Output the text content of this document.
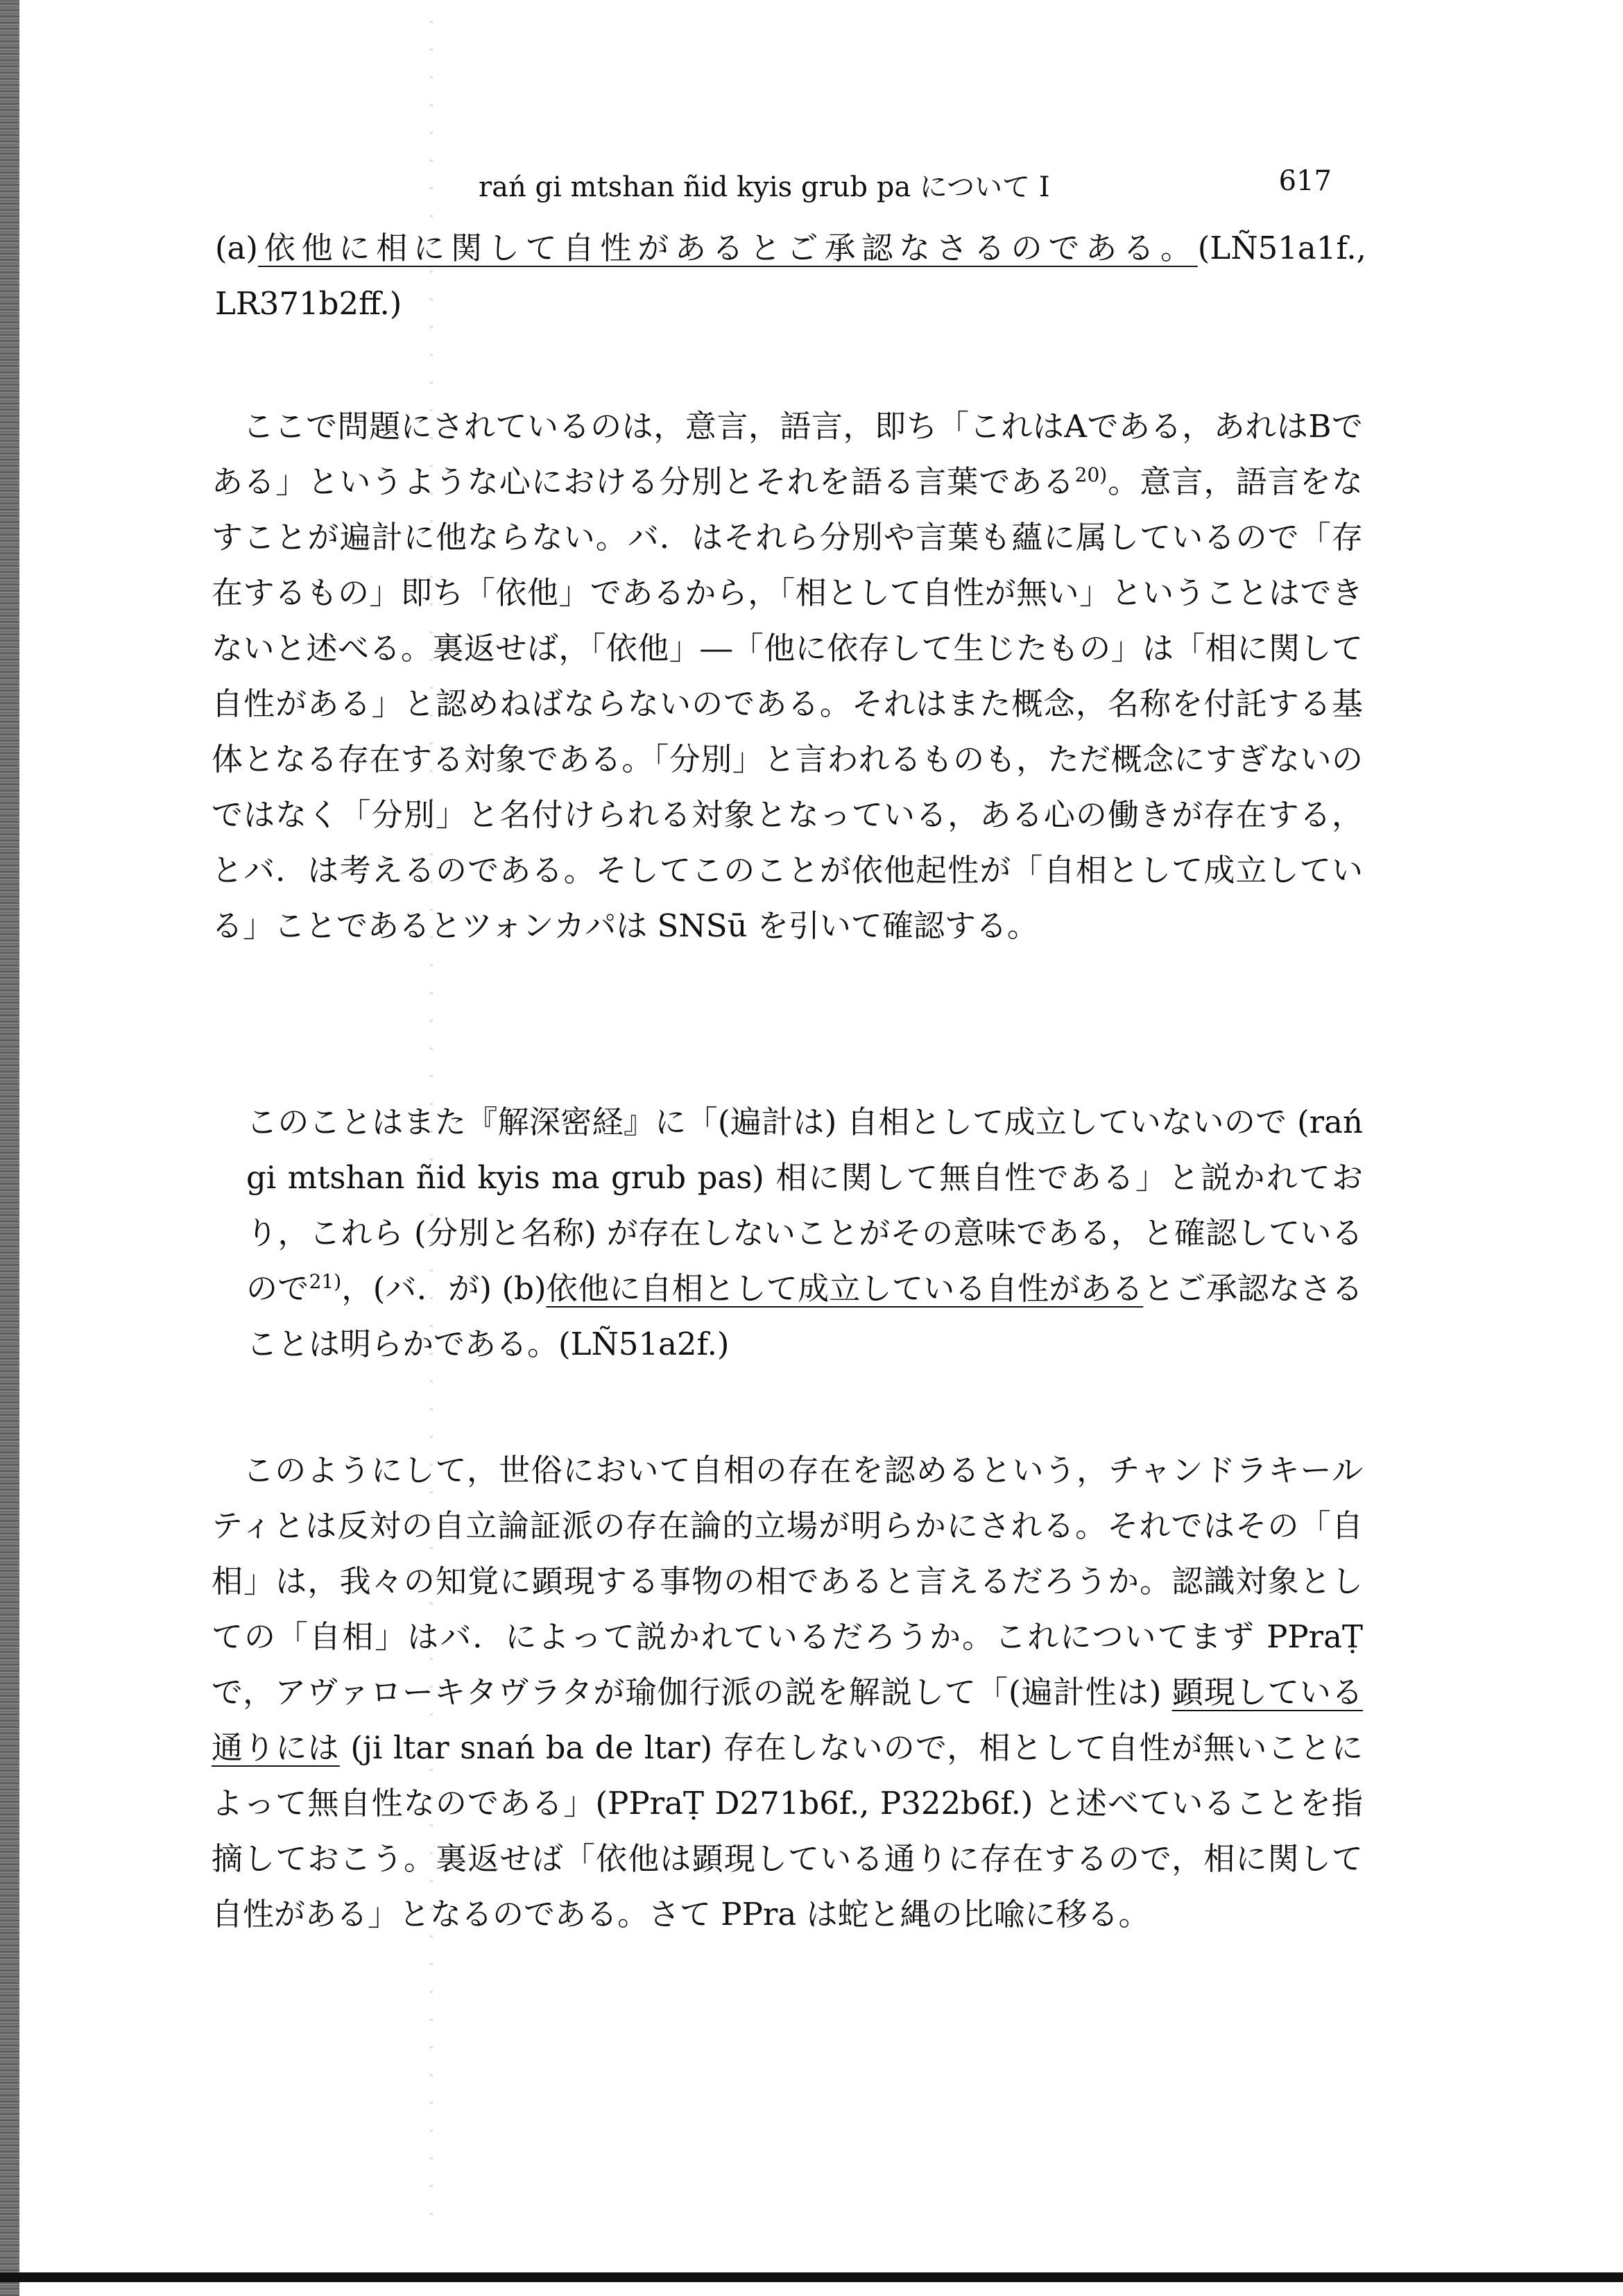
rań gi mtshan ñid kyis grub pa について Ⅰ	617

(a)依他に相に関して自性があるとご承認なさるのである。(LÑ51a1f., LR371b2ff.)

ここで問題にされているのは，意言，語言，即ち「これはAである，あれはBである」というような心における分別とそれを語る言葉である$^{20)}$。意言，語言をなすことが遍計に他ならない。バ．はそれら分別や言葉も蘊に属しているので「存在するもの」即ち「依他」であるから，「相として自性が無い」ということはできないと述べる。裏返せば，「依他」―「他に依存して生じたもの」は「相に関して自性がある」と認めねばならないのである。それはまた概念，名称を付託する基体となる存在する対象である。「分別」と言われるものも，ただ概念にすぎないのではなく「分別」と名付けられる対象となっている，ある心の働きが存在する，とバ．は考えるのである。そしてこのことが依他起性が「自相として成立している」ことであるとツォンカパは SNSū を引いて確認する。

このことはまた『解深密経』に「(遍計は) 自相として成立していないので (rań gi mtshan ñid kyis ma grub pas) 相に関して無自性である」と説かれており，これら (分別と名称) が存在しないことがその意味である，と確認しているので$^{21)}$，(バ．が) (b)依他に自相として成立している自性があるとご承認なさることは明らかである。(LÑ51a2f.)

このようにして，世俗において自相の存在を認めるという，チャンドラキールティとは反対の自立論証派の存在論的立場が明らかにされる。それではその「自相」は，我々の知覚に顕現する事物の相であると言えるだろうか。認識対象としての「自相」はバ．によって説かれているだろうか。これについてまず PPraṬ で，アヴァローキタヴラタが瑜伽行派の説を解説して「(遍計性は) 顕現している通りには (ji ltar snań ba de ltar) 存在しないので，相として自性が無いことによって無自性なのである」(PPraṬ D271b6f., P322b6f.) と述べていることを指摘しておこう。裏返せば「依他は顕現している通りに存在するので，相に関して自性がある」となるのである。さて PPra は蛇と縄の比喩に移る。
